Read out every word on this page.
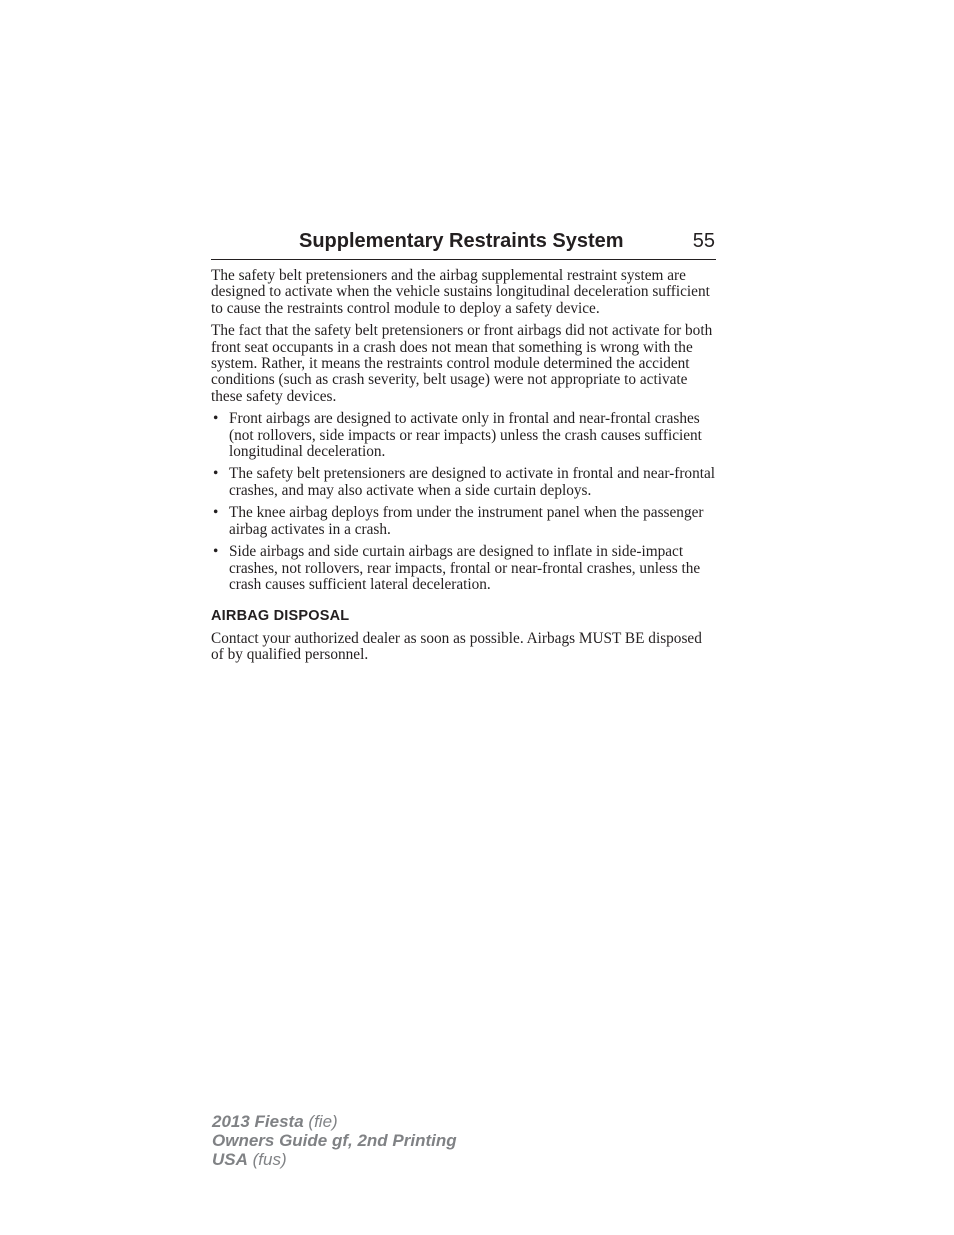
Supplementary Restraints System	55

The safety belt pretensioners and the airbag supplemental restraint system are designed to activate when the vehicle sustains longitudinal deceleration sufficient to cause the restraints control module to deploy a safety device.

The fact that the safety belt pretensioners or front airbags did not activate for both front seat occupants in a crash does not mean that something is wrong with the system. Rather, it means the restraints control module determined the accident conditions (such as crash severity, belt usage) were not appropriate to activate these safety devices.

• Front airbags are designed to activate only in frontal and near-frontal crashes (not rollovers, side impacts or rear impacts) unless the crash causes sufficient longitudinal deceleration.
• The safety belt pretensioners are designed to activate in frontal and near-frontal crashes, and may also activate when a side curtain deploys.
• The knee airbag deploys from under the instrument panel when the passenger airbag activates in a crash.
• Side airbags and side curtain airbags are designed to inflate in side-impact crashes, not rollovers, rear impacts, frontal or near-frontal crashes, unless the crash causes sufficient lateral deceleration.
AIRBAG DISPOSAL

Contact your authorized dealer as soon as possible. Airbags MUST BE disposed of by qualified personnel.

2013 Fiesta (fie)
Owners Guide gf, 2nd Printing
USA (fus)
